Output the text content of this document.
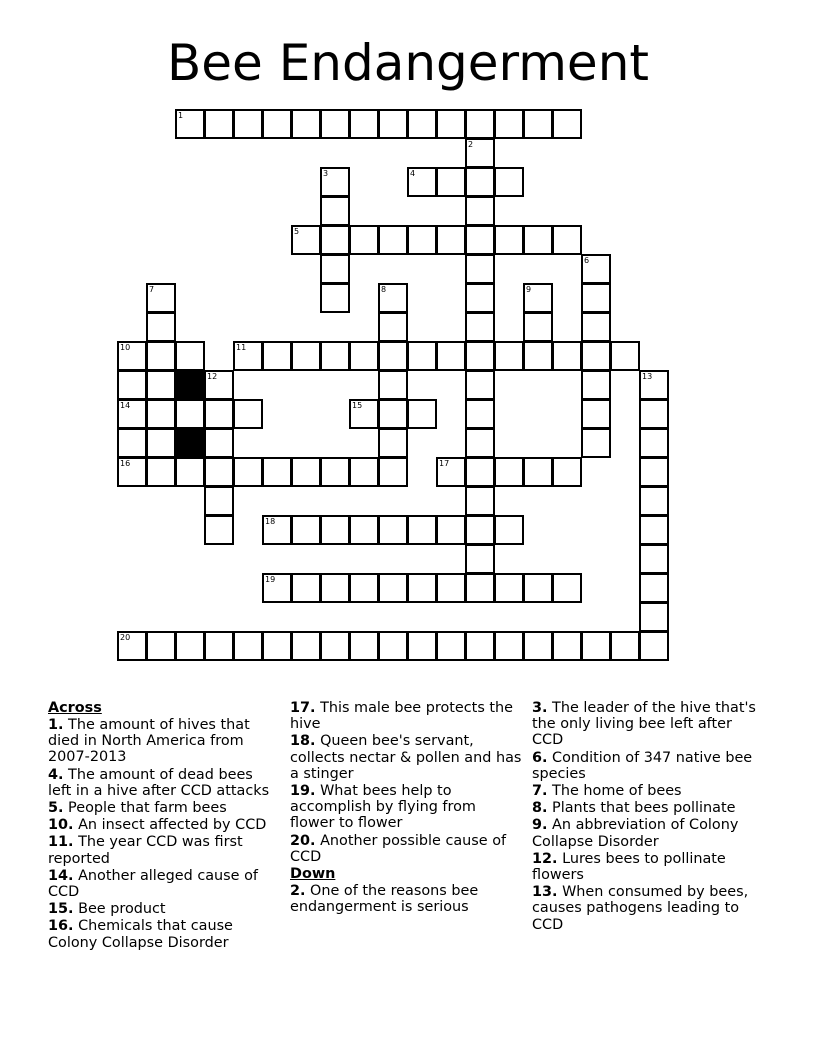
Bee Endangerment
1
2
3	4
5
6
7	8	9
10	11
12	13
14	15
16	17
18
19
20
Across

1. The amount of hives that died in North America from 2007-2013

4. The amount of dead bees left in a hive after CCD attacks

5. People that farm bees

10. An insect affected by CCD

11. The year CCD was first reported

14. Another alleged cause of CCD

15. Bee product

16. Chemicals that cause Colony Collapse Disorder

17. This male bee protects the hive

18. Queen bee's servant, collects nectar & pollen and has a stinger

19. What bees help to accomplish by flying from flower to flower

20. Another possible cause of CCD

Down

2. One of the reasons bee endangerment is serious

3. The leader of the hive that's the only living bee left after CCD

6. Condition of 347 native bee species

7. The home of bees

8. Plants that bees pollinate

9. An abbreviation of Colony Collapse Disorder

12. Lures bees to pollinate flowers

13. When consumed by bees, causes pathogens leading to CCD
